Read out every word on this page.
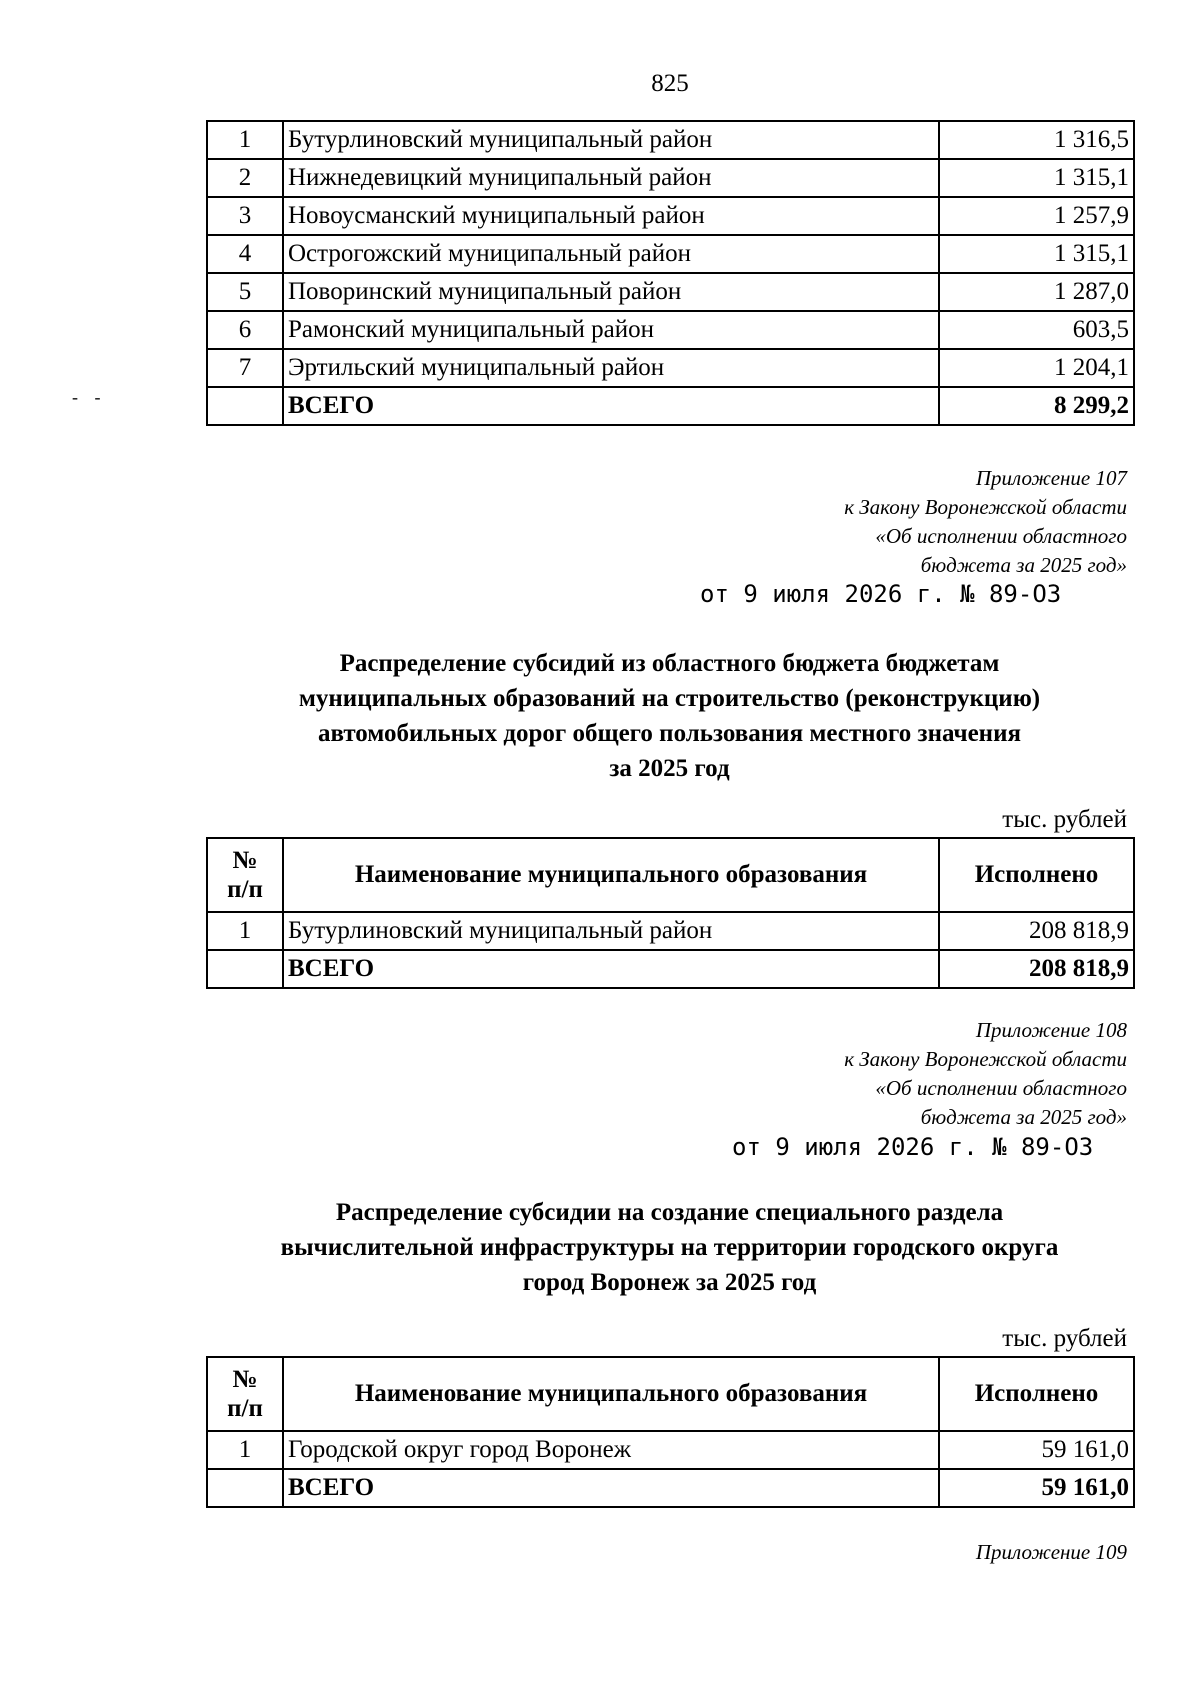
825
1	Бутурлиновский муниципальный район	1 316,5
2	Нижнедевицкий муниципальный район	1 315,1
3	Новоусманский муниципальный район	1 257,9
4	Острогожский муниципальный район	1 315,1
5	Поворинский муниципальный район	1 287,0
6	Рамонский муниципальный район	603,5
7	Эртильский муниципальный район	1 204,1
	ВСЕГО	8 299,2
- -
Приложение 107
к Закону Воронежской области
«Об исполнении областного
бюджета за 2025 год»
от 9 июля 2026 г. № 89-ОЗ
Распределение субсидий из областного бюджета бюджетам
муниципальных образований на строительство (реконструкцию)
автомобильных дорог общего пользования местного значения
за 2025 год
тыс. рублей
№
п/п	Наименование муниципального образования	Исполнено
1	Бутурлиновский муниципальный район	208 818,9
	ВСЕГО	208 818,9
Приложение 108
к Закону Воронежской области
«Об исполнении областного
бюджета за 2025 год»
от 9 июля 2026 г. № 89-ОЗ
Распределение субсидии на создание специального раздела
вычислительной инфраструктуры на территории городского округа
город Воронеж за 2025 год
тыс. рублей
№
п/п	Наименование муниципального образования	Исполнено
1	Городской округ город Воронеж	59 161,0
	ВСЕГО	59 161,0
Приложение 109
